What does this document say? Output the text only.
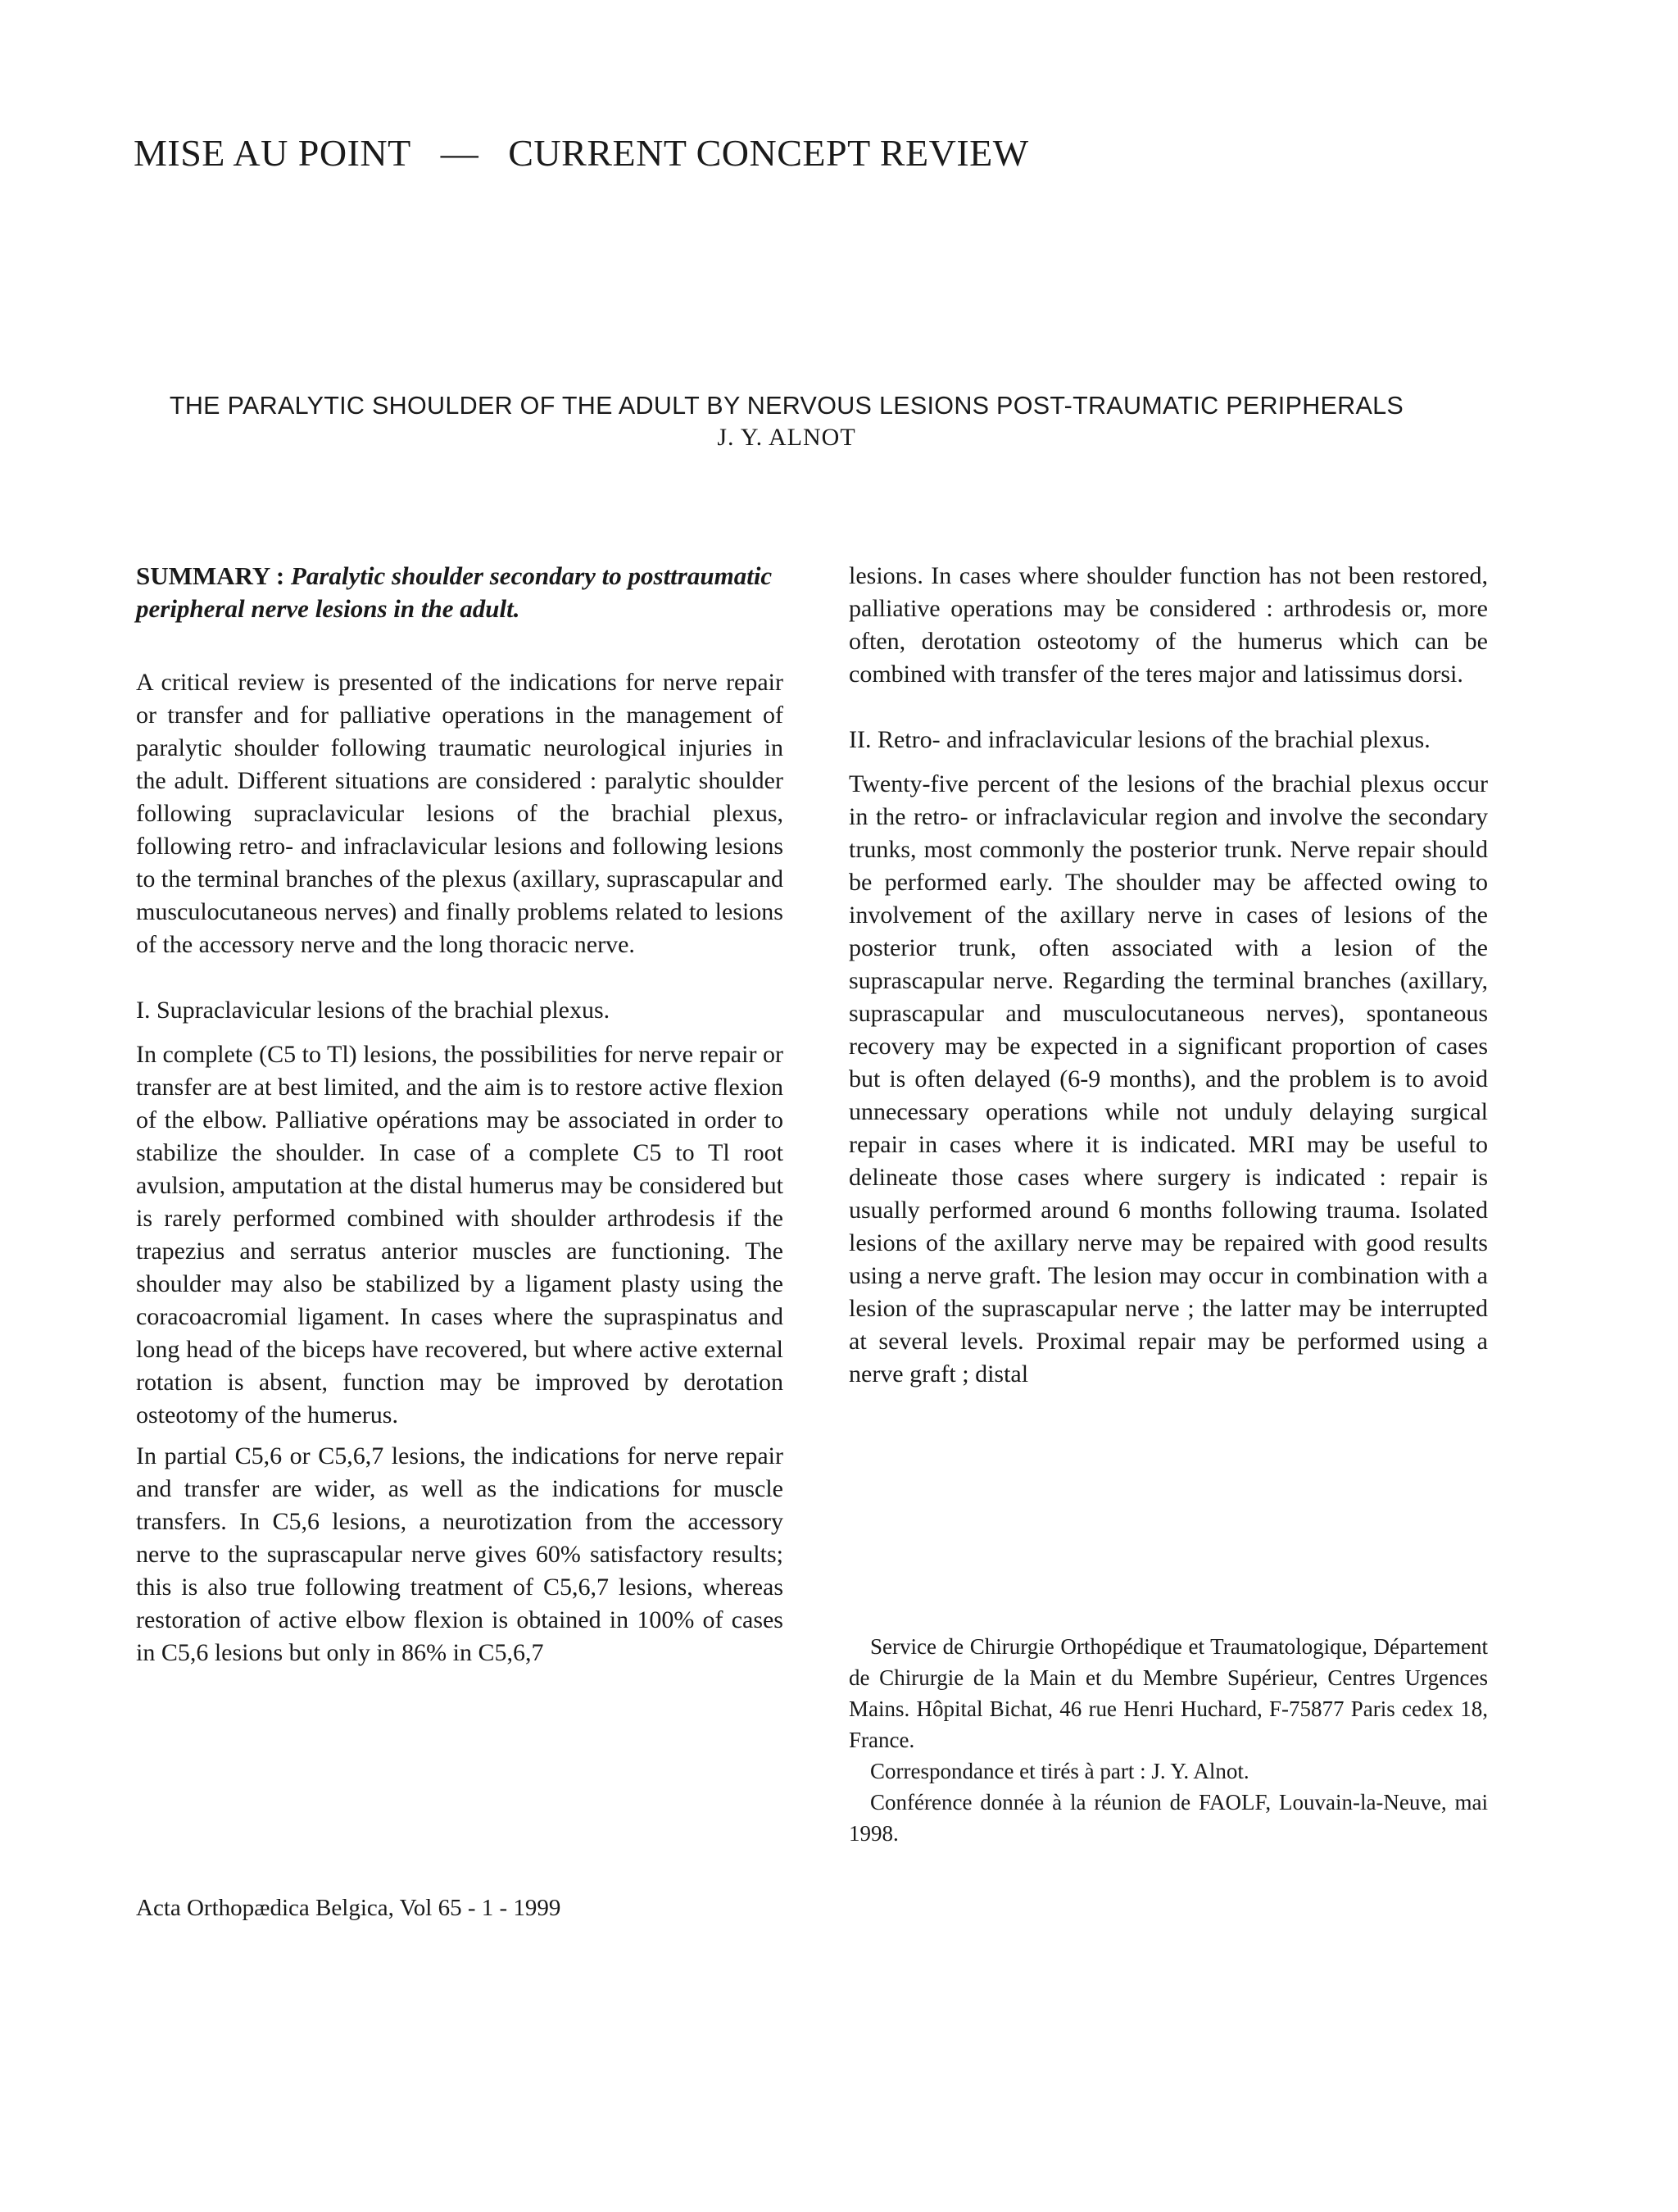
MISE AU POINT — CURRENT CONCEPT REVIEW
THE PARALYTIC SHOULDER OF THE ADULT BY NERVOUS LESIONS POST-TRAUMATIC PERIPHERALS
J. Y. ALNOT
SUMMARY : Paralytic shoulder secondary to posttraumatic peripheral nerve lesions in the adult.

A critical review is presented of the indications for nerve repair or transfer and for palliative operations in the management of paralytic shoulder following traumatic neurological injuries in the adult. Different situations are considered : paralytic shoulder following supraclavicular lesions of the brachial plexus, following retro- and infraclavicular lesions and following lesions to the terminal branches of the plexus (axillary, suprascapular and musculocutaneous nerves) and finally problems related to lesions of the accessory nerve and the long thoracic nerve.

I. Supraclavicular lesions of the brachial plexus.

In complete (C5 to Tl) lesions, the possibilities for nerve repair or transfer are at best limited, and the aim is to restore active flexion of the elbow. Palliative opérations may be associated in order to stabilize the shoulder. In case of a complete C5 to Tl root avulsion, amputation at the distal humerus may be considered but is rarely performed combined with shoulder arthrodesis if the trapezius and serratus anterior muscles are functioning. The shoulder may also be stabilized by a ligament plasty using the coracoacromial ligament. In cases where the supraspinatus and long head of the biceps have recovered, but where active external rotation is absent, function may be improved by derotation osteotomy of the humerus.

In partial C5,6 or C5,6,7 lesions, the indications for nerve repair and transfer are wider, as well as the indications for muscle transfers. In C5,6 lesions, a neurotization from the accessory nerve to the suprascapular nerve gives 60% satisfactory results; this is also true following treatment of C5,6,7 lesions, whereas restoration of active elbow flexion is obtained in 100% of cases in C5,6 lesions but only in 86% in C5,6,7

lesions. In cases where shoulder function has not been restored, palliative operations may be considered : arthrodesis or, more often, derotation osteotomy of the humerus which can be combined with transfer of the teres major and latissimus dorsi.

II. Retro- and infraclavicular lesions of the brachial plexus.

Twenty-five percent of the lesions of the brachial plexus occur in the retro- or infraclavicular region and involve the secondary trunks, most commonly the posterior trunk. Nerve repair should be performed early. The shoulder may be affected owing to involvement of the axillary nerve in cases of lesions of the posterior trunk, often associated with a lesion of the suprascapular nerve. Regarding the terminal branches (axillary, suprascapular and musculocutaneous nerves), spontaneous recovery may be expected in a significant proportion of cases but is often delayed (6-9 months), and the problem is to avoid unnecessary operations while not unduly delaying surgical repair in cases where it is indicated. MRI may be useful to delineate those cases where surgery is indicated : repair is usually performed around 6 months following trauma. Isolated lesions of the axillary nerve may be repaired with good results using a nerve graft. The lesion may occur in combination with a lesion of the suprascapular nerve ; the latter may be interrupted at several levels. Proximal repair may be performed using a nerve graft ; distal

Service de Chirurgie Orthopédique et Traumatologique, Département de Chirurgie de la Main et du Membre Supérieur, Centres Urgences Mains. Hôpital Bichat, 46 rue Henri Huchard, F-75877 Paris cedex 18, France.

Correspondance et tirés à part : J. Y. Alnot.

Conférence donnée à la réunion de FAOLF, Louvain-la-Neuve, mai 1998.

Acta Orthopædica Belgica, Vol 65 - 1 - 1999
